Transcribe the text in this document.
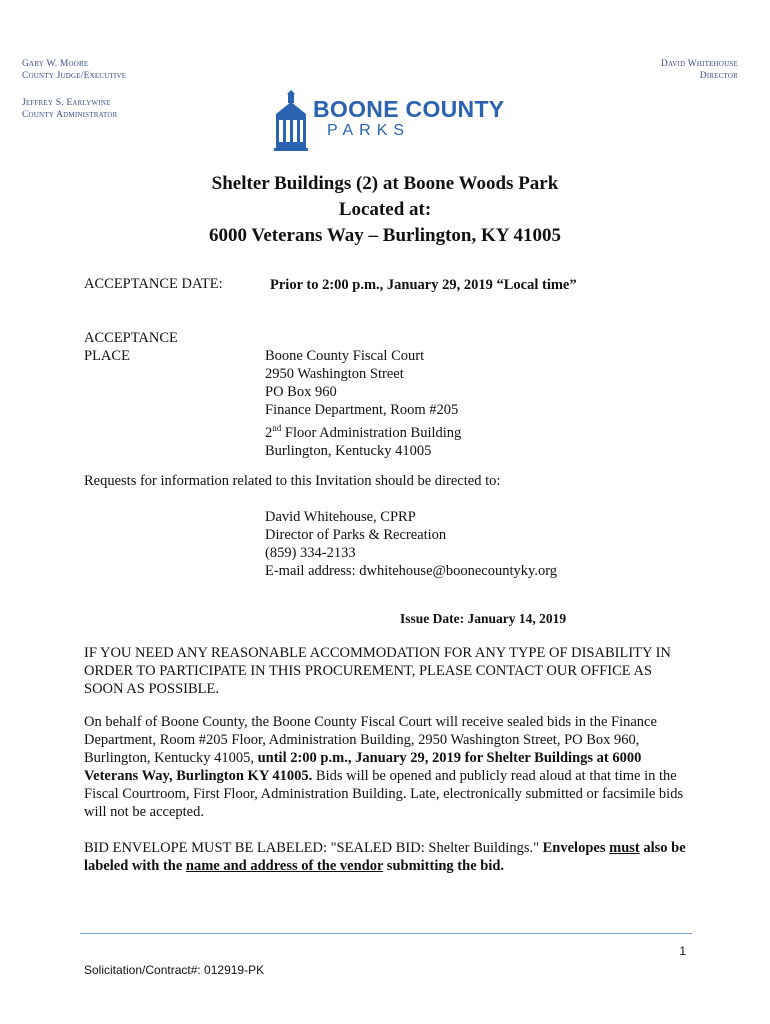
Gary W. Moore
County Judge/Executive
Jeffrey S. Earlywine
County Administrator
David Whitehouse
Director
BOONE COUNTY
PARKS
Shelter Buildings (2) at Boone Woods Park
Located at:
6000 Veterans Way – Burlington, KY 41005
ACCEPTANCE DATE:	Prior to 2:00 p.m., January 29, 2019 “Local time”
ACCEPTANCE
PLACE	Boone County Fiscal Court
2950 Washington Street
PO Box 960
Finance Department, Room #205
2nd Floor Administration Building
Burlington, Kentucky 41005
Requests for information related to this Invitation should be directed to:
David Whitehouse, CPRP
Director of Parks & Recreation
(859) 334-2133
E-mail address: dwhitehouse@boonecountyky.org
Issue Date: January 14, 2019
IF YOU NEED ANY REASONABLE ACCOMMODATION FOR ANY TYPE OF DISABILITY IN ORDER TO PARTICIPATE IN THIS PROCUREMENT, PLEASE CONTACT OUR OFFICE AS SOON AS POSSIBLE.
On behalf of Boone County, the Boone County Fiscal Court will receive sealed bids in the Finance Department, Room #205 Floor, Administration Building, 2950 Washington Street, PO Box 960, Burlington, Kentucky 41005, until 2:00 p.m., January 29, 2019 for Shelter Buildings at 6000 Veterans Way, Burlington KY 41005. Bids will be opened and publicly read aloud at that time in the Fiscal Courtroom, First Floor, Administration Building. Late, electronically submitted or facsimile bids will not be accepted.
BID ENVELOPE MUST BE LABELED: "SEALED BID: Shelter Buildings." Envelopes must also be labeled with the name and address of the vendor submitting the bid.
1
Solicitation/Contract#: 012919-PK
